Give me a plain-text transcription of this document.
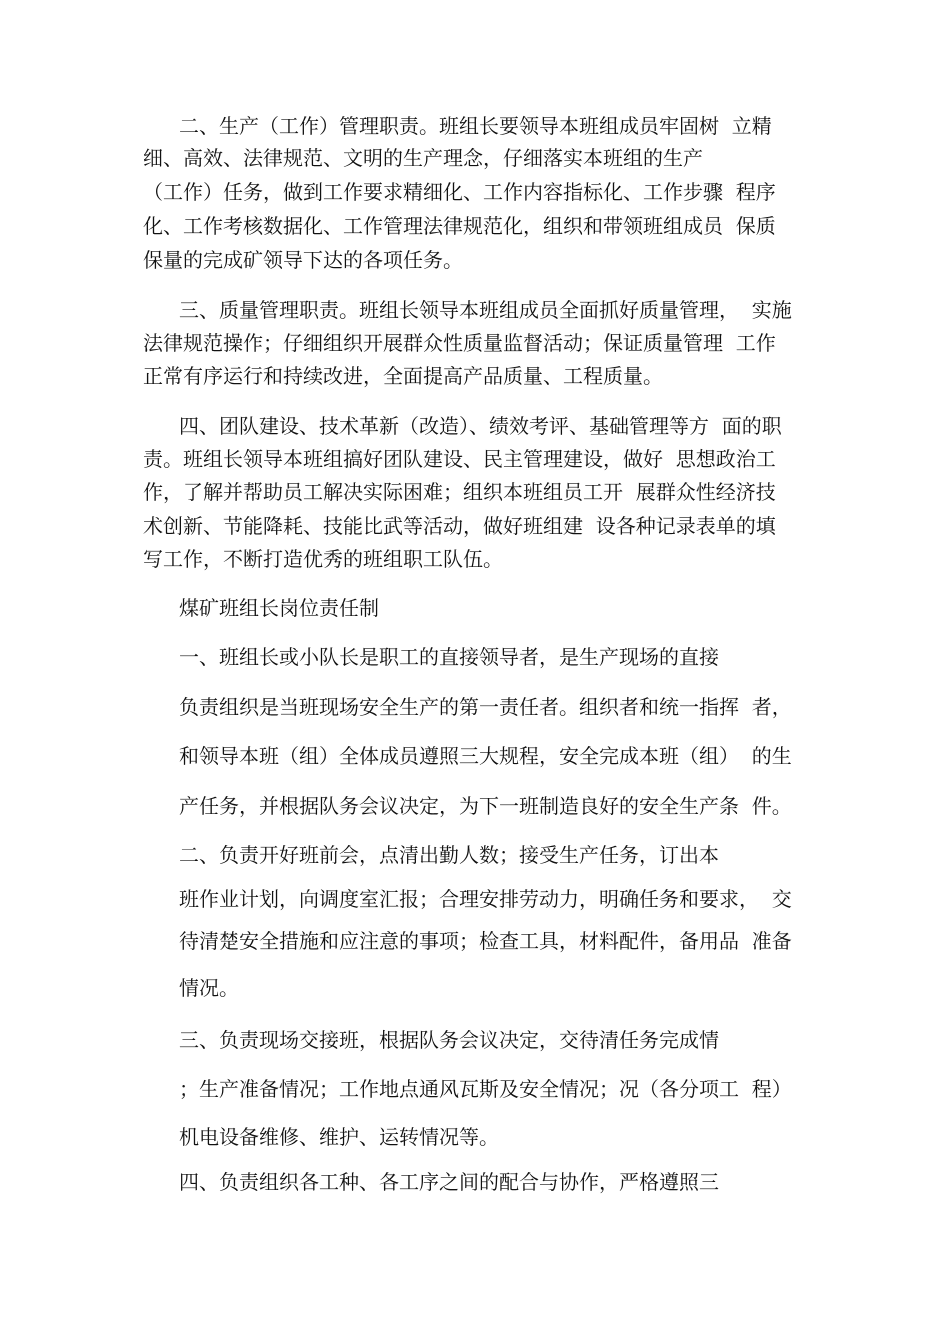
二、生产（工作）管理职责。班组长要领导本班组成员牢固树  立精
细、高效、法律规范、文明的生产理念，仔细落实本班组的生产
（工作）任务，做到工作要求精细化、工作内容指标化、工作步骤  程序
化、工作考核数据化、工作管理法律规范化，组织和带领班组成员  保质
保量的完成矿领导下达的各项任务。
三、质量管理职责。班组长领导本班组成员全面抓好质量管理，  实施
法律规范操作；仔细组织开展群众性质量监督活动；保证质量管理  工作
正常有序运行和持续改进，全面提高产品质量、工程质量。
四、团队建设、技术革新（改造）、绩效考评、基础管理等方  面的职
责。班组长领导本班组搞好团队建设、民主管理建设，做好  思想政治工
作，了解并帮助员工解决实际困难；组织本班组员工开  展群众性经济技
术创新、节能降耗、技能比武等活动，做好班组建  设各种记录表单的填
写工作，不断打造优秀的班组职工队伍。
煤矿班组长岗位责任制
一、班组长或小队长是职工的直接领导者，是生产现场的直接
负责组织是当班现场安全生产的第一责任者。组织者和统一指挥  者，
和领导本班（组）全体成员遵照三大规程，安全完成本班（组）  的生
产任务，并根据队务会议决定，为下一班制造良好的安全生产条  件。
二、负责开好班前会，点清出勤人数；接受生产任务，订出本
班作业计划，向调度室汇报；合理安排劳动力，明确任务和要求，  交
待清楚安全措施和应注意的事项；检查工具，材料配件，备用品  准备
情况。
三、负责现场交接班，根据队务会议决定，交待清任务完成情
；生产准备情况；工作地点通风瓦斯及安全情况；况（各分项工  程）
机电设备维修、维护、运转情况等。
四、负责组织各工种、各工序之间的配合与协作，严格遵照三
